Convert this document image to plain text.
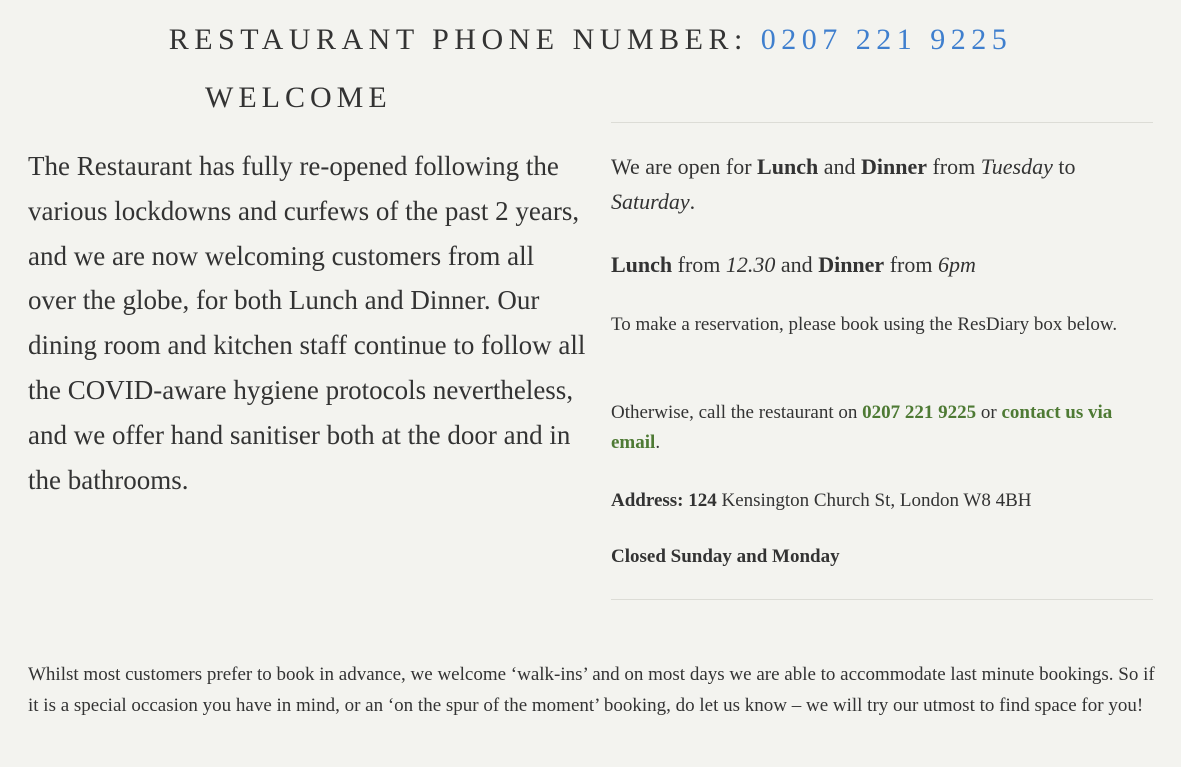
RESTAURANT PHONE NUMBER: 0207 221 9225
WELCOME

The Restaurant has fully re-opened following the various lockdowns and curfews of the past 2 years, and we are now welcoming customers from all over the globe, for both Lunch and Dinner. Our dining room and kitchen staff continue to follow all the COVID-aware hygiene protocols nevertheless, and we offer hand sanitiser both at the door and in the bathrooms.

We are open for Lunch and Dinner from Tuesday to Saturday.

Lunch from 12.30 and Dinner from 6pm

To make a reservation, please book using the ResDiary box below.

Otherwise, call the restaurant on 0207 221 9225 or contact us via email.

Address: 124 Kensington Church St, London W8 4BH

Closed Sunday and Monday

Whilst most customers prefer to book in advance, we welcome ‘walk-ins’ and on most days we are able to accommodate last minute bookings. So if it is a special occasion you have in mind, or an ‘on the spur of the moment’ booking, do let us know – we will try our utmost to find space for you!
